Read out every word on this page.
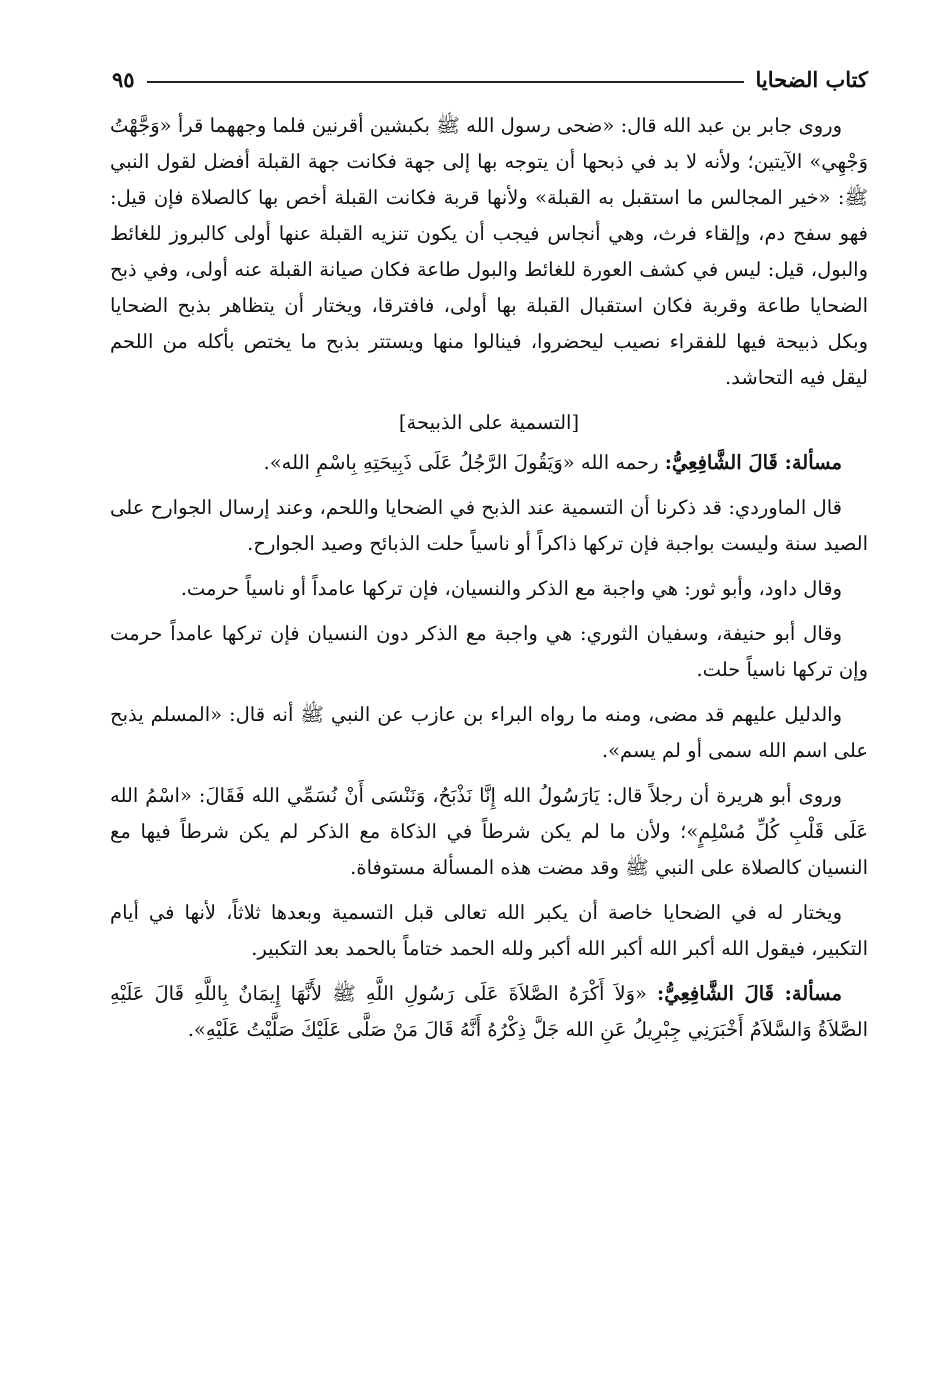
كتاب الضحايا
٩٥

وروى جابر بن عبد الله قال: «ضحى رسول الله ﷺ بكبشين أقرنين فلما وجههما قرأ «وَجَّهْتُ وَجْهِي» الآيتين؛ ولأنه لا بد في ذبحها أن يتوجه بها إلى جهة فكانت جهة القبلة أفضل لقول النبي ﷺ: «خير المجالس ما استقبل به القبلة» ولأنها قربة فكانت القبلة أخص بها كالصلاة فإن قيل: فهو سفح دم، وإلقاء فرث، وهي أنجاس فيجب أن يكون تنزيه القبلة عنها أولى كالبروز للغائط والبول، قيل: ليس في كشف العورة للغائط والبول طاعة فكان صيانة القبلة عنه أولى، وفي ذبح الضحايا طاعة وقربة فكان استقبال القبلة بها أولى، فافترقا، ويختار أن يتظاهر بذبح الضحايا وبكل ذبيحة فيها للفقراء نصيب ليحضروا، فينالوا منها ويستتر بذبح ما يختص بأكله من اللحم ليقل فيه التحاشد.

[التسمية على الذبيحة]

مسألة: قَالَ الشَّافِعِيُّ: رحمه الله «وَيَقُولَ الرَّجُلُ عَلَى ذَبِيحَتِهِ بِاسْمِ الله».

قال الماوردي: قد ذكرنا أن التسمية عند الذبح في الضحايا واللحم، وعند إرسال الجوارح على الصيد سنة وليست بواجبة فإن تركها ذاكراً أو ناسياً حلت الذبائح وصيد الجوارح.

وقال داود، وأبو ثور: هي واجبة مع الذكر والنسيان، فإن تركها عامداً أو ناسياً حرمت.

وقال أبو حنيفة، وسفيان الثوري: هي واجبة مع الذكر دون النسيان فإن تركها عامداً حرمت وإن تركها ناسياً حلت.

والدليل عليهم قد مضى، ومنه ما رواه البراء بن عازب عن النبي ﷺ أنه قال: «المسلم يذبح على اسم الله سمى أو لم يسم».

وروى أبو هريرة أن رجلاً قال: يَارَسُولُ الله إِنَّا نَذْبَحُ، وَنَنْسَى أَنْ نُسَمِّي الله فَقَالَ: «اسْمُ الله عَلَى قَلْبِ كُلِّ مُسْلِمٍ»؛ ولأن ما لم يكن شرطاً في الذكاة مع الذكر لم يكن شرطاً فيها مع النسيان كالصلاة على النبي ﷺ وقد مضت هذه المسألة مستوفاة.

ويختار له في الضحايا خاصة أن يكبر الله تعالى قبل التسمية وبعدها ثلاثاً، لأنها في أيام التكبير، فيقول الله أكبر الله أكبر الله أكبر ولله الحمد ختاماً بالحمد بعد التكبير.

مسألة: قَالَ الشَّافِعِيُّ: «وَلاَ أَكْرَهُ الصَّلاَةَ عَلَى رَسُولِ اللَّهِ ﷺ لأَنَّهَا إِيمَانٌ بِاللَّهِ قَالَ عَلَيْهِ الصَّلاَةُ وَالسَّلاَمُ أَخْبَرَنِي جِبْرِيلُ عَنِ الله جَلَّ ذِكْرُهُ أَنَّهُ قَالَ مَنْ صَلَّى عَلَيْكَ صَلَّيْتُ عَلَيْهِ».
